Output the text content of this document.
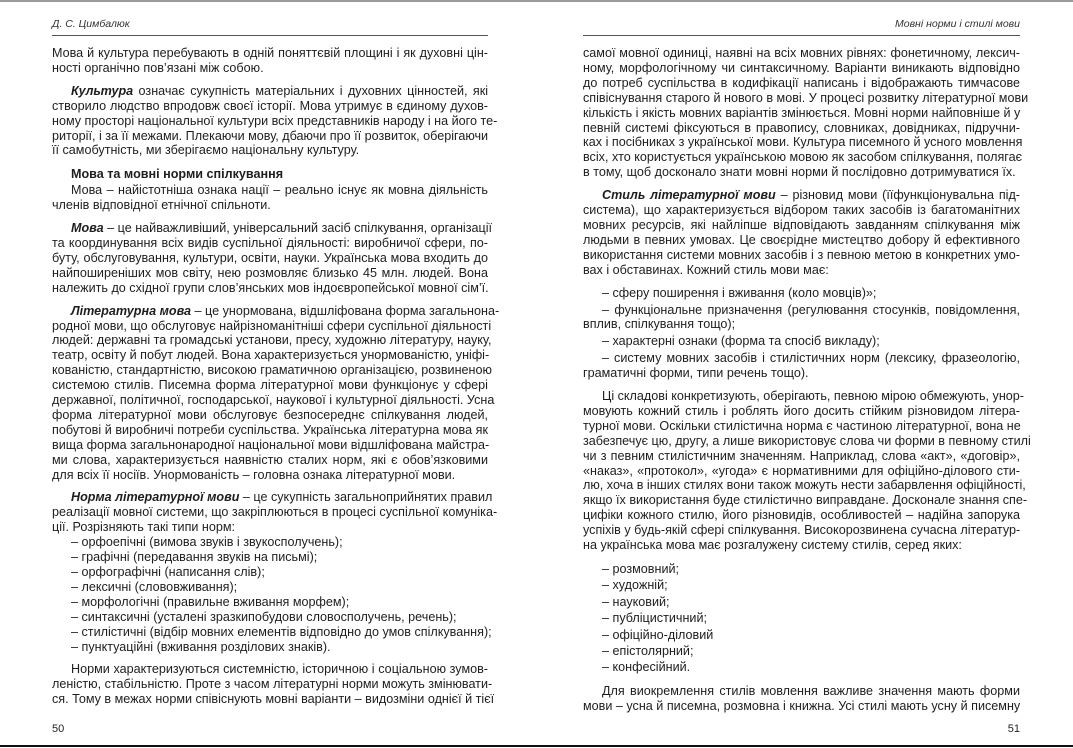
Д. С. Цимбалюк
Мова й культура перебувають в одній поняттєвій площині і як духовні цін-
ності органічно пов’язані між собою.
Культура означає сукупність матеріальних і духовних цінностей, які
створило людство впродовж своєї історії. Мова утримує в єдиному духов-
ному просторі національної культури всіх представників народу і на його те-
риторії, і за її межами. Плекаючи мову, дбаючи про її розвиток, оберігаючи
її самобутність, ми зберігаємо національну культуру.
Мова та мовні норми спілкування
Мова – найістотніша ознака нації – реально існує як мовна діяльність
членів відповідної етнічної спільноти.
Мова – це найважливіший, універсальний засіб спілкування, організації
та координування всіх видів суспільної діяльності: виробничої сфери, по-
буту, обслуговування, культури, освіти, науки. Українська мова входить до
найпоширеніших мов світу, нею розмовляє близько 45 млн. людей. Вона
належить до східної групи слов’янських мов індоєвропейської мовної сім’ї.
Літературна мова – це унормована, відшліфована форма загальнона-
родної мови, що обслуговує найрізноманітніші сфери суспільної діяльності
людей: державні та громадські установи, пресу, художню літературу, науку,
театр, освіту й побут людей. Вона характеризується унормованістю, уніфі-
кованістю, стандартністю, високою граматичною організацією, розвиненою
системою стилів. Писемна форма літературної мови функціонує у сфері
державної, політичної, господарської, наукової і культурної діяльності. Усна
форма літературної мови обслуговує безпосереднє спілкування людей,
побутові й виробничі потреби суспільства. Українська літературна мова як
вища форма загальнонародної національної мови відшліфована майстра-
ми слова, характеризується наявністю сталих норм, які є обов’язковими
для всіх її носіїв. Унормованість – головна ознака літературної мови.
Норма літературної мови – це сукупність загальноприйнятих правил
реалізації мовної системи, що закріплюються в процесі суспільної комуніка-
ції. Розрізняють такі типи норм:
– орфоепічні (вимова звуків і звукосполучень);
– графічні (передавання звуків на письмі);
– орфографічні (написання слів);
– лексичні (слововживання);
– морфологічні (правильне вживання морфем);
– синтаксичні (усталені зразкипобудови словосполучень, речень);
– стилістичні (відбір мовних елементів відповідно до умов спілкування);
– пунктуаційні (вживання розділових знаків).
Норми характеризуються системністю, історичною і соціальною зумов-
леністю, стабільністю. Проте з часом літературні норми можуть змінювати-
ся. Тому в межах норми співіснують мовні варіанти – видозміни однієї й тієї
50
Мовні норми і стилі мови
самої мовної одиниці, наявні на всіх мовних рівнях: фонетичному, лексич-
ному, морфологічному чи синтаксичному. Варіанти виникають відповідно
до потреб суспільства в кодифікації написань і відображають тимчасове
співіснування старого й нового в мові. У процесі розвитку літературної мови
кількість і якість мовних варіантів змінюється. Мовні норми найповніше й у
певній системі фіксуються в правопису, словниках, довідниках, підручни-
ках і посібниках з української мови. Культура писемного й усного мовлення
всіх, хто користується українською мовою як засобом спілкування, полягає
в тому, щоб досконало знати мовні норми й послідовно дотримуватися їх.
Стиль літературної мови – різновид мови (їїфункціонувальна під-
система), що характеризується відбором таких засобів із багатоманітних
мовних ресурсів, які найліпше відповідають завданням спілкування між
людьми в певних умовах. Це своєрідне мистецтво добору й ефективного
використання системи мовних засобів і з певною метою в конкретних умо-
вах і обставинах. Кожний стиль мови має:
– сферу поширення і вживання (коло мовців)»;
– функціональне призначення (регулювання стосунків, повідомлення,
вплив, спілкування тощо);
– характерні ознаки (форма та спосіб викладу);
– систему мовних засобів і стилістичних норм (лексику, фразеологію,
граматичні форми, типи речень тощо).
Ці складові конкретизують, оберігають, певною мірою обмежують, унор-
мовують кожний стиль і роблять його досить стійким різновидом літера-
турної мови. Оскільки стилістична норма є частиною літературної, вона не
забезпечує цю, другу, а лише використовує слова чи форми в певному стилі
чи з певним стилістичним значенням. Наприклад, слова «акт», «договір»,
«наказ», «протокол», «угода» є нормативними для офіційно-ділового сти-
лю, хоча в інших стилях вони також можуть нести забарвлення офіційності,
якщо їх використання буде стилістично виправдане. Досконале знання спе-
цифіки кожного стилю, його різновидів, особливостей – надійна запорука
успіхів у будь-якій сфері спілкування. Високорозвинена сучасна літератур-
на українська мова має розгалужену систему стилів, серед яких:
– розмовний;
– художній;
– науковий;
– публіцистичний;
– офіційно-діловий
– епістолярний;
– конфесійний.
Для виокремлення стилів мовлення важливе значення мають форми
мови – усна й писемна, розмовна і книжна. Усі стилі мають усну й писемну
51
